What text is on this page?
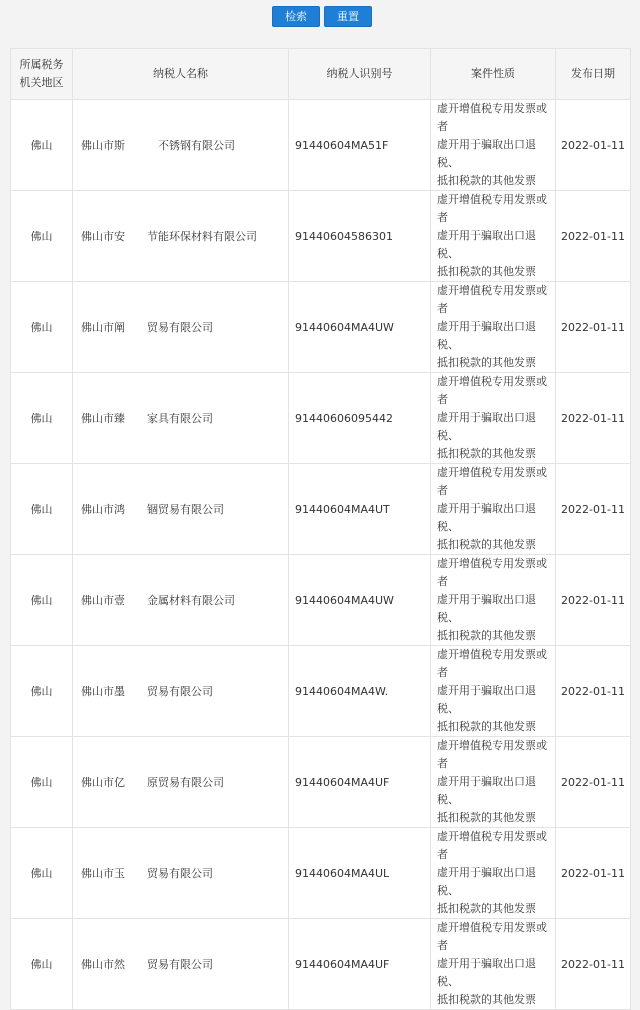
检索	重置
所属税务机关地区	纳税人名称	纳税人识别号	案件性质	发布日期
佛山	佛山市斯　　　不锈钢有限公司	91440604MA51F	虚开增值税专用发票或者
虚开用于骗取出口退税、
抵扣税款的其他发票	2022-01-11
佛山	佛山市安　　节能环保材料有限公司	91440604586301	虚开增值税专用发票或者
虚开用于骗取出口退税、
抵扣税款的其他发票	2022-01-11
佛山	佛山市阐　　贸易有限公司	91440604MA4UW	虚开增值税专用发票或者
虚开用于骗取出口退税、
抵扣税款的其他发票	2022-01-11
佛山	佛山市臻　　家具有限公司	91440606095442	虚开增值税专用发票或者
虚开用于骗取出口退税、
抵扣税款的其他发票	2022-01-11
佛山	佛山市鸿　　锢贸易有限公司	91440604MA4UT	虚开增值税专用发票或者
虚开用于骗取出口退税、
抵扣税款的其他发票	2022-01-11
佛山	佛山市壹　　金属材料有限公司	91440604MA4UW	虚开增值税专用发票或者
虚开用于骗取出口退税、
抵扣税款的其他发票	2022-01-11
佛山	佛山市墨　　贸易有限公司	91440604MA4W.	虚开增值税专用发票或者
虚开用于骗取出口退税、
抵扣税款的其他发票	2022-01-11
佛山	佛山市亿　　原贸易有限公司	91440604MA4UF	虚开增值税专用发票或者
虚开用于骗取出口退税、
抵扣税款的其他发票	2022-01-11
佛山	佛山市玉　　贸易有限公司	91440604MA4UL	虚开增值税专用发票或者
虚开用于骗取出口退税、
抵扣税款的其他发票	2022-01-11
佛山	佛山市然　　贸易有限公司	91440604MA4UF	虚开增值税专用发票或者
虚开用于骗取出口退税、
抵扣税款的其他发票	2022-01-11
